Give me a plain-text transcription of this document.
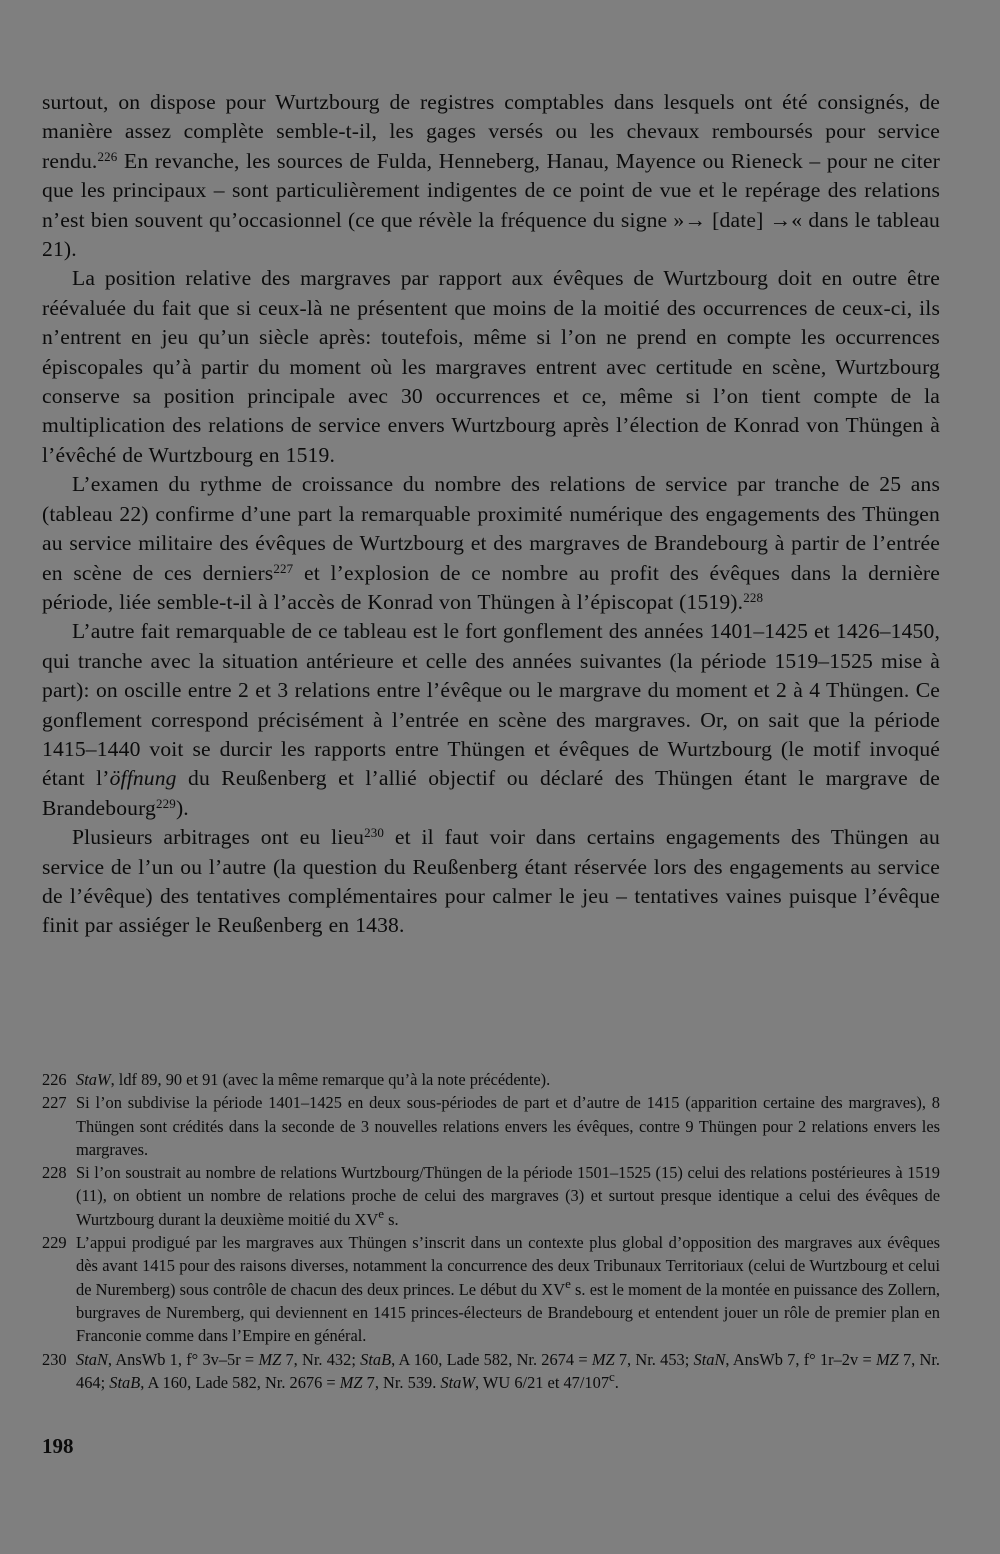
surtout, on dispose pour Wurtzbourg de registres comptables dans lesquels ont été consignés, de manière assez complète semble-t-il, les gages versés ou les chevaux remboursés pour service rendu.$^{226}$ En revanche, les sources de Fulda, Henneberg, Hanau, Mayence ou Rieneck – pour ne citer que les principaux – sont particulièrement indigentes de ce point de vue et le repérage des relations n’est bien souvent qu’occasionnel (ce que révèle la fréquence du signe »→ [date] →« dans le tableau 21).

La position relative des margraves par rapport aux évêques de Wurtzbourg doit en outre être réévaluée du fait que si ceux-là ne présentent que moins de la moitié des occurrences de ceux-ci, ils n’entrent en jeu qu’un siècle après: toutefois, même si l’on ne prend en compte les occurrences épiscopales qu’à partir du moment où les margraves entrent avec certitude en scène, Wurtzbourg conserve sa position principale avec 30 occurrences et ce, même si l’on tient compte de la multiplication des relations de service envers Wurtzbourg après l’élection de Konrad von Thüngen à l’évêché de Wurtzbourg en 1519.

L’examen du rythme de croissance du nombre des relations de service par tranche de 25 ans (tableau 22) confirme d’une part la remarquable proximité numérique des engagements des Thüngen au service militaire des évêques de Wurtzbourg et des margraves de Brandebourg à partir de l’entrée en scène de ces derniers$^{227}$ et l’explosion de ce nombre au profit des évêques dans la dernière période, liée semble-t-il à l’accès de Konrad von Thüngen à l’épiscopat (1519).$^{228}$

L’autre fait remarquable de ce tableau est le fort gonflement des années 1401–1425 et 1426–1450, qui tranche avec la situation antérieure et celle des années suivantes (la période 1519–1525 mise à part): on oscille entre 2 et 3 relations entre l’évêque ou le margrave du moment et 2 à 4 Thüngen. Ce gonflement correspond précisément à l’entrée en scène des margraves. Or, on sait que la période 1415–1440 voit se durcir les rapports entre Thüngen et évêques de Wurtzbourg (le motif invoqué étant l’öffnung du Reußenberg et l’allié objectif ou déclaré des Thüngen étant le margrave de Brandebourg$^{229}$).

Plusieurs arbitrages ont eu lieu$^{230}$ et il faut voir dans certains engagements des Thüngen au service de l’un ou l’autre (la question du Reußenberg étant réservée lors des engagements au service de l’évêque) des tentatives complémentaires pour calmer le jeu – tentatives vaines puisque l’évêque finit par assiéger le Reußenberg en 1438.

226 StaW, ldf 89, 90 et 91 (avec la même remarque qu’à la note précédente).

227 Si l’on subdivise la période 1401–1425 en deux sous-périodes de part et d’autre de 1415 (apparition certaine des margraves), 8 Thüngen sont crédités dans la seconde de 3 nouvelles relations envers les évêques, contre 9 Thüngen pour 2 relations envers les margraves.

228 Si l’on soustrait au nombre de relations Wurtzbourg/Thüngen de la période 1501–1525 (15) celui des relations postérieures à 1519 (11), on obtient un nombre de relations proche de celui des margraves (3) et surtout presque identique a celui des évêques de Wurtzbourg durant la deuxième moitié du XVe s.

229 L’appui prodigué par les margraves aux Thüngen s’inscrit dans un contexte plus global d’opposition des margraves aux évêques dès avant 1415 pour des raisons diverses, notamment la concurrence des deux Tribunaux Territoriaux (celui de Wurtzbourg et celui de Nuremberg) sous contrôle de chacun des deux princes. Le début du XVe s. est le moment de la montée en puissance des Zollern, burgraves de Nuremberg, qui deviennent en 1415 princes-électeurs de Brandebourg et entendent jouer un rôle de premier plan en Franconie comme dans l’Empire en général.

230 StaN, AnsWb 1, f° 3v–5r = MZ 7, Nr. 432; StaB, A 160, Lade 582, Nr. 2674 = MZ 7, Nr. 453; StaN, AnsWb 7, f° 1r–2v = MZ 7, Nr. 464; StaB, A 160, Lade 582, Nr. 2676 = MZ 7, Nr. 539. StaW, WU 6/21 et 47/107$^c$.

198
